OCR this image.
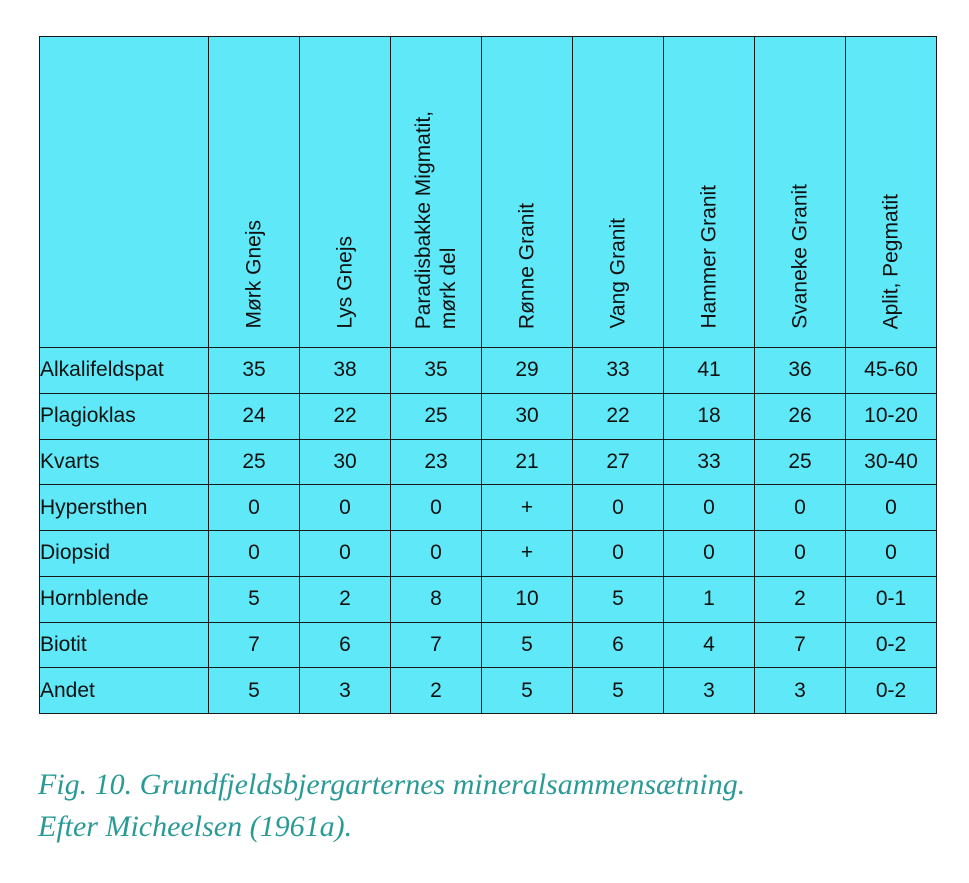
	Mørk Gnejs	Lys Gnejs	Paradisbakke Migmatit,
mørk del	Rønne Granit	Vang Granit	Hammer Granit	Svaneke Granit	Aplit, Pegmatit

Alkalifeldspat	35	38	35	29	33	41	36	45-60
Plagioklas	24	22	25	30	22	18	26	10-20
Kvarts	25	30	23	21	27	33	25	30-40
Hypersthen	0	0	0	+	0	0	0	0
Diopsid	0	0	0	+	0	0	0	0
Hornblende	5	2	8	10	5	1	2	0-1
Biotit	7	6	7	5	6	4	7	0-2
Andet	5	3	2	5	5	3	3	0-2

Fig. 10. Grundfjeldsbjergarternes mineralsammensætning.
Efter Micheelsen (1961a).
